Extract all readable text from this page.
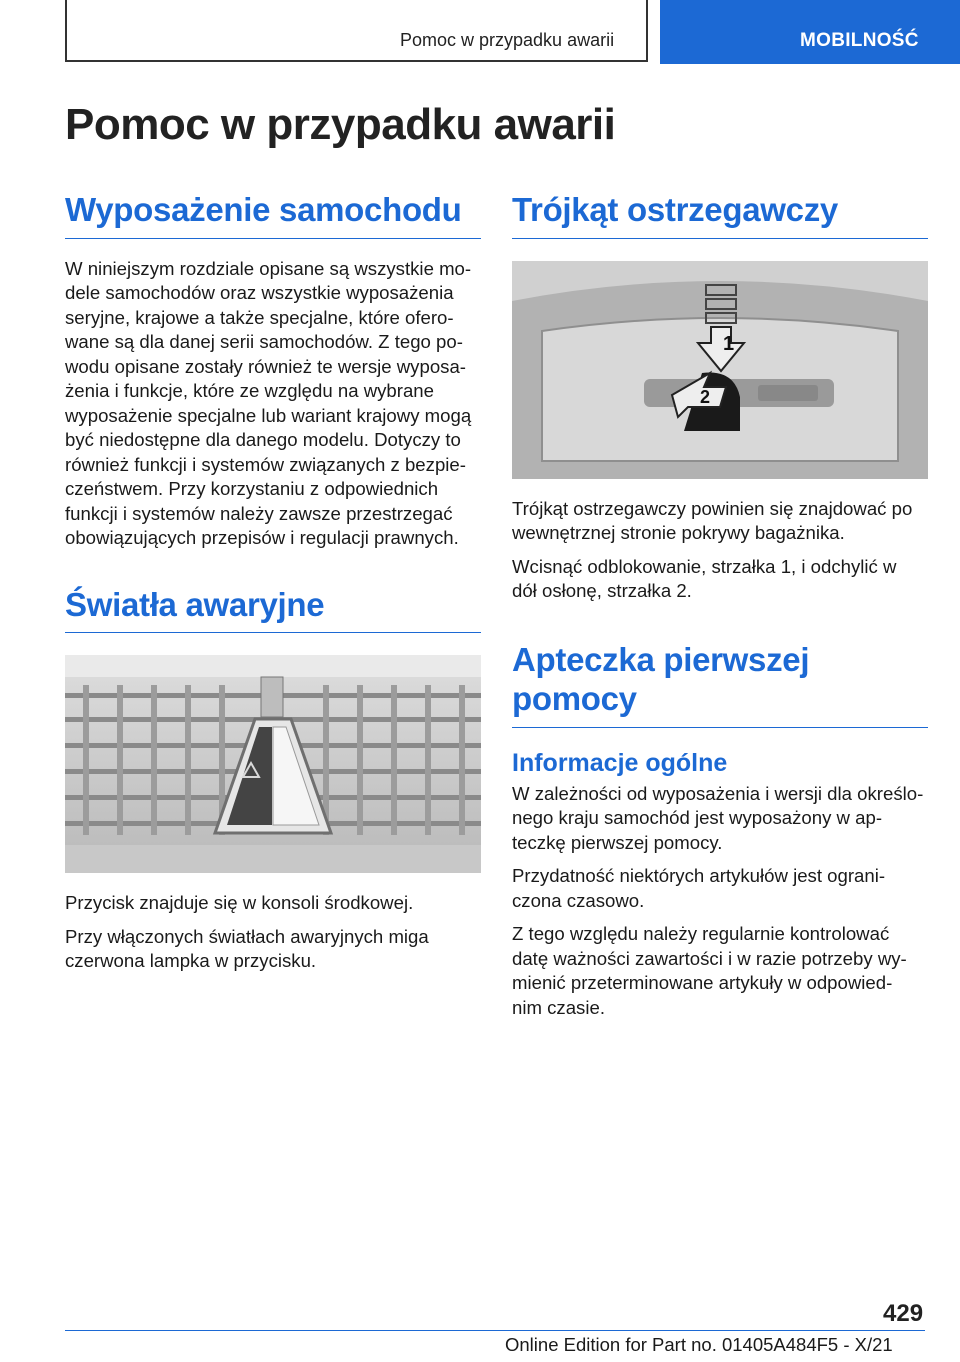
Pomoc w przypadku awarii	MOBILNOŚĆ
Pomoc w przypadku awarii
Wyposażenie samochodu

W niniejszym rozdziale opisane są wszystkie mo‐
dele samochodów oraz wszystkie wyposażenia
seryjne, krajowe a także specjalne, które ofero‐
wane są dla danej serii samochodów. Z tego po‐
wodu opisane zostały również te wersje wyposa‐
żenia i funkcje, które ze względu na wybrane
wyposażenie specjalne lub wariant krajowy mogą
być niedostępne dla danego modelu. Dotyczy to
również funkcji i systemów związanych z bezpie‐
czeństwem. Przy korzystaniu z odpowiednich
funkcji i systemów należy zawsze przestrzegać
obowiązujących przepisów i regulacji prawnych.

Światła awaryjne

Przycisk znajduje się w konsoli środkowej.

Przy włączonych światłach awaryjnych miga
czerwona lampka w przycisku.

Trójkąt ostrzegawczy
1
2

Trójkąt ostrzegawczy powinien się znajdować po
wewnętrznej stronie pokrywy bagażnika.

Wcisnąć odblokowanie, strzałka 1, i odchylić w
dół osłonę, strzałka 2.

Apteczka pierwszej
pomocy
Informacje ogólne

W zależności od wyposażenia i wersji dla określo‐
nego kraju samochód jest wyposażony w ap‐
teczkę pierwszej pomocy.

Przydatność niektórych artykułów jest ograni‐
czona czasowo.

Z tego względu należy regularnie kontrolować
datę ważności zawartości i w razie potrzeby wy‐
mienić przeterminowane artykuły w odpowied‐
nim czasie.

429
Online Edition for Part no. 01405A484F5 - X/21
